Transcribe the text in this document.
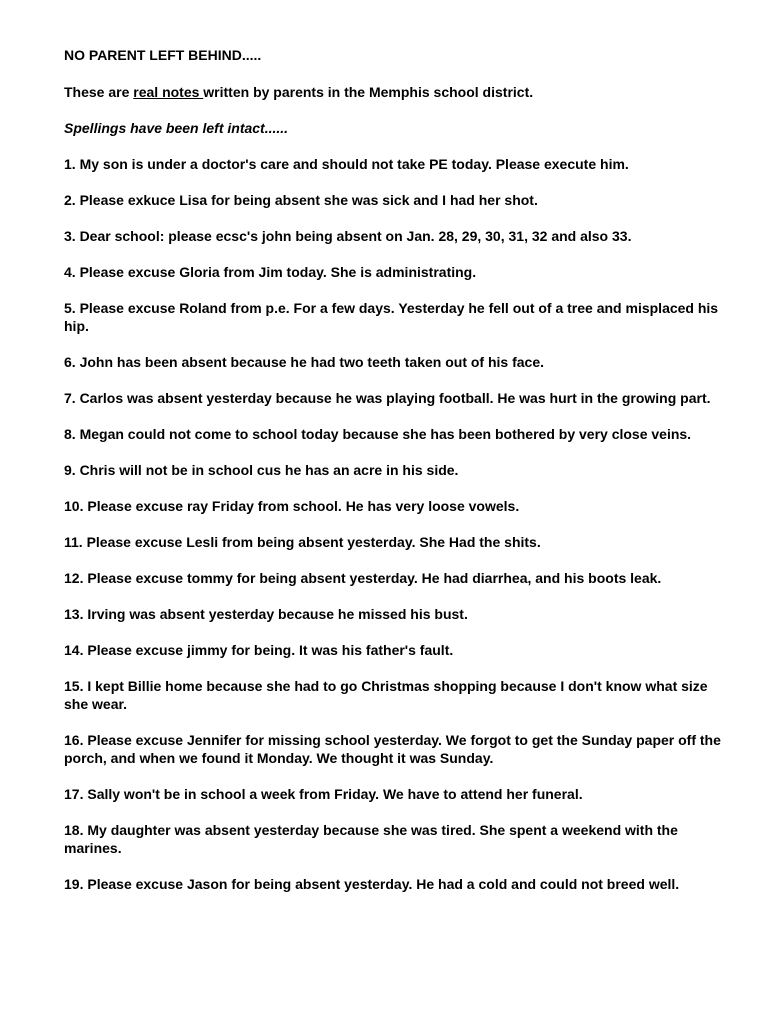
NO PARENT LEFT BEHIND.....

These are real notes written by parents in the Memphis school district.

Spellings have been left intact......

1. My son is under a doctor's care and should not take PE today. Please execute him.

2. Please exkuce Lisa for being absent she was sick and I had her shot.

3. Dear school: please ecsc's john being absent on Jan. 28, 29, 30, 31, 32 and also 33.

4. Please excuse Gloria from Jim today. She is administrating.

5. Please excuse Roland from p.e. For a few days. Yesterday he fell out of a tree and misplaced his hip.

6. John has been absent because he had two teeth taken out of his face.

7. Carlos was absent yesterday because he was playing football. He was hurt in the growing part.

8. Megan could not come to school today because she has been bothered by very close veins.

9. Chris will not be in school cus he has an acre in his side.

10. Please excuse ray Friday from school. He has very loose vowels.

11. Please excuse Lesli from being absent yesterday. She Had the shits.

12. Please excuse tommy for being absent yesterday. He had diarrhea, and his boots leak.

13. Irving was absent yesterday because he missed his bust.

14. Please excuse jimmy for being. It was his father's fault.

15. I kept Billie home because she had to go Christmas shopping because I don't know what size she wear.

16. Please excuse Jennifer for missing school yesterday. We forgot to get the Sunday paper off the porch, and when we found it Monday. We thought it was Sunday.

17. Sally won't be in school a week from Friday. We have to attend her funeral.

18. My daughter was absent yesterday because she was tired. She spent a weekend with the marines.

19. Please excuse Jason for being absent yesterday. He had a cold and could not breed well.
